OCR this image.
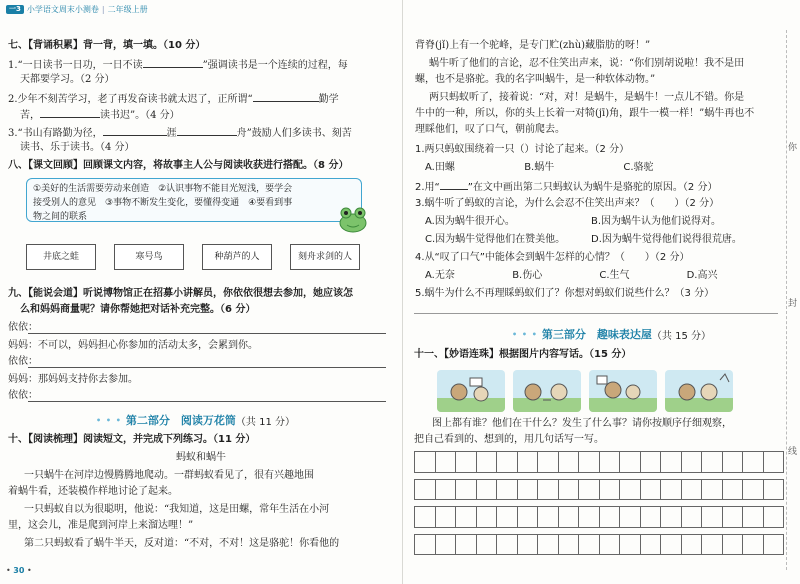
一3 小学语文周末小测卷 | 二年级上册
七、【背诵积累】背一背，填一填。（10 分）
1.“一日读书一日功，一日不读	”强调读书是一个连续的过程，每
天都要学习。（2 分）
2.少年不刻苦学习，老了再发奋读书就太迟了，正所谓“	勤学
苦，	读书迟”。（4 分）
3.“书山有路勤为径，	涯	舟”鼓励人们多读书、刻苦
读书、乐于读书。（4 分）
八、【课文回顾】回顾课文内容，将故事主人公与阅读收获进行搭配。（8 分）
①美好的生活需要劳动来创造　②认识事物不能目光短浅，要学会
接受别人的意见　③事物不断发生变化，要懂得变通　④要看到事
物之间的联系
井底之蛙	寒号鸟	种葫芦的人	刻舟求剑的人
九、【能说会道】听说博物馆正在招募小讲解员，你依依很想去参加，她应该怎
么和妈妈商量呢？请你帮她把对话补充完整。（6 分）
依依：
妈妈：不可以，妈妈担心你参加的活动太多，会累到你。
依依：
妈妈：那妈妈支持你去参加。
依依：
• • • 第二部分　阅读万花筒 （共 11 分）
十、【阅读梳理】阅读短文，并完成下列练习。（11 分）
蚂蚁和蜗牛
一只蜗牛在河岸边慢腾腾地爬动。一群蚂蚁看见了，很有兴趣地围
着蜗牛看，还装模作样地讨论了起来。
一只蚂蚁自以为很聪明，他说：“我知道，这是田螺，常年生活在小河
里，这会儿，准是爬到河岸上来溜达哩！”
第二只蚂蚁看了蜗牛半天，反对道：“不对，不对！这是骆驼！你看他的
• 30 •
背脊(jǐ)上有一个驼峰，是专门贮(zhù)藏脂肪的呀！”
蜗牛听了他们的言论，忍不住笑出声来，说：“你们别胡说啦！我不是田
螺，也不是骆驼。我的名字叫蜗牛，是一种软体动物。”
两只蚂蚁听了，接着说：“对，对！是蜗牛，是蜗牛！一点儿不错。你是
牛中的一种，所以，你的头上长着一对犄(jī)角，跟牛一模一样！”蜗牛再也不
理睬他们，叹了口气，朝前爬去。
1.两只蚂蚁围绕着一只（）讨论了起来。（2 分）
A.田螺	B.蜗牛	C.骆驼
2.用“	”在文中画出第二只蚂蚁认为蜗牛是骆驼的原因。（2 分）
3.蜗牛听了蚂蚁的言论，为什么会忍不住笑出声来？（　　）（2 分）
A.因为蜗牛很开心。	B.因为蜗牛认为他们说得对。
C.因为蜗牛觉得他们在赞美他。	D.因为蜗牛觉得他们说得很荒唐。
4.从“叹了口气”中能体会到蜗牛怎样的心情？（　　）（2 分）
A.无奈	B.伤心	C.生气	D.高兴
5.蜗牛为什么不再理睬蚂蚁们了？你想对蚂蚁们说些什么？（3 分）
• • • 第三部分　趣味表达屋 （共 15 分）
十一、【妙语连珠】根据图片内容写话。（15 分）
图上都有谁？他们在干什么？发生了什么事？请你按顺序仔细观察，
把自己看到的、想到的，用几句话写一写。

你
封
线
